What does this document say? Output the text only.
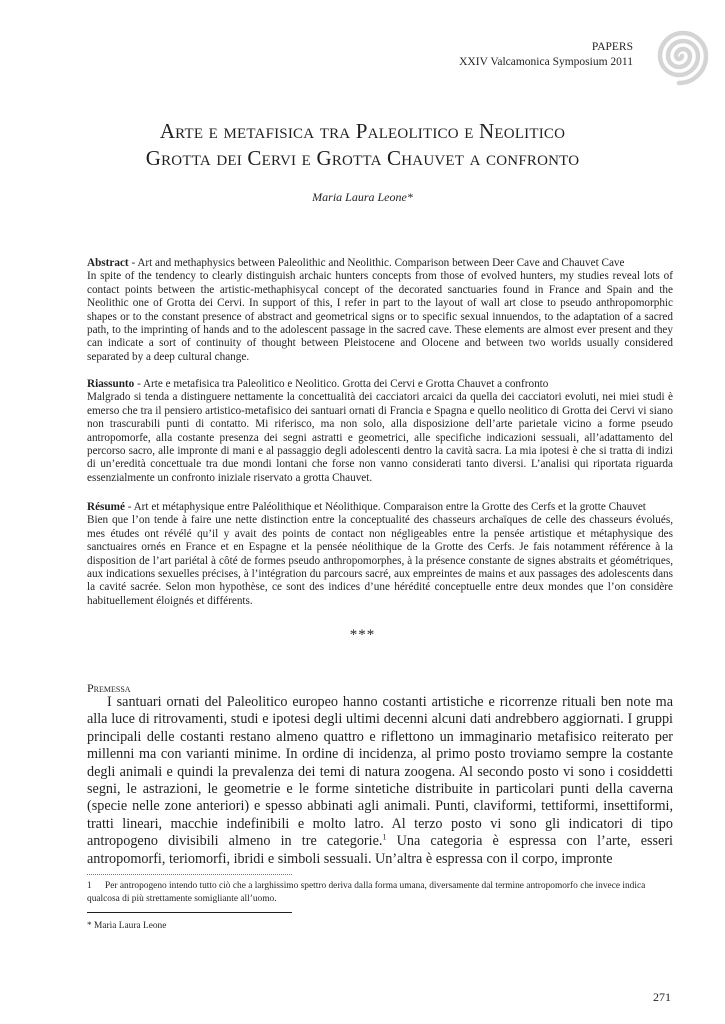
PAPERS
XXIV Valcamonica Symposium 2011
Arte e metafisica tra Paleolitico e Neolitico
Grotta dei Cervi e Grotta Chauvet a confronto
Maria Laura Leone*
Abstract - Art and methaphysics between Paleolithic and Neolithic. Comparison between Deer Cave and Chauvet Cave
In spite of the tendency to clearly distinguish archaic hunters concepts from those of evolved hunters, my studies reveal lots of contact points between the artistic-methaphisycal concept of the decorated sanctuaries found in France and Spain and the Neolithic one of Grotta dei Cervi. In support of this, I refer in part to the layout of wall art close to pseudo anthropomorphic shapes or to the constant presence of abstract and geometrical signs or to specific sexual innuendos, to the adaptation of a sacred path, to the imprinting of hands and to the adolescent passage in the sacred cave. These elements are almost ever present and they can indicate a sort of continuity of thought between Pleistocene and Olocene and between two worlds usually considered separated by a deep cultural change.
Riassunto - Arte e metafisica tra Paleolitico e Neolitico. Grotta dei Cervi e Grotta Chauvet a confronto
Malgrado si tenda a distinguere nettamente la concettualità dei cacciatori arcaici da quella dei cacciatori evoluti, nei miei studi è emerso che tra il pensiero artistico-metafisico dei santuari ornati di Francia e Spagna e quello neolitico di Grotta dei Cervi vi siano non trascurabili punti di contatto. Mi riferisco, ma non solo, alla disposizione dell’arte parietale vicino a forme pseudo antropomorfe, alla costante presenza dei segni astratti e geometrici, alle specifiche indicazioni sessuali, all’adattamento del percorso sacro, alle impronte di mani e al passaggio degli adolescenti dentro la cavità sacra. La mia ipotesi è che si tratta di indizi di un’eredità concettuale tra due mondi lontani che forse non vanno considerati tanto diversi. L’analisi qui riportata riguarda essenzialmente un confronto iniziale riservato a grotta Chauvet.
Résumé - Art et métaphysique entre Paléolithique et Néolithique. Comparaison entre la Grotte des Cerfs et la grotte Chauvet
Bien que l’on tende à faire une nette distinction entre la conceptualité des chasseurs archaïques de celle des chasseurs évolués, mes études ont révélé qu’il y avait des points de contact non négligeables entre la pensée artistique et métaphysique des sanctuaires ornés en France et en Espagne et la pensée néolithique de la Grotte des Cerfs. Je fais notamment référence à la disposition de l’art pariétal à côté de formes pseudo anthropomorphes, à la présence constante de signes abstraits et géométriques, aux indications sexuelles précises, à l’intégration du parcours sacré, aux empreintes de mains et aux passages des adolescents dans la cavité sacrée. Selon mon hypothèse, ce sont des indices d’une hérédité conceptuelle entre deux mondes que l’on considère habituellement éloignés et différents.
***
Premessa

I santuari ornati del Paleolitico europeo hanno costanti artistiche e ricorrenze rituali ben note ma alla luce di ritrovamenti, studi e ipotesi degli ultimi decenni alcuni dati andrebbero aggiornati. I gruppi principali delle costanti restano almeno quattro e riflettono un immaginario metafisico reiterato per millenni ma con varianti minime. In ordine di incidenza, al primo posto troviamo sempre la costante degli animali e quindi la prevalenza dei temi di natura zoogena. Al secondo posto vi sono i cosiddetti segni, le astrazioni, le geometrie e le forme sintetiche distribuite in particolari punti della caverna (specie nelle zone anteriori) e spesso abbinati agli animali. Punti, claviformi, tettiformi, insettiformi, tratti lineari, macchie indefinibili e molto latro. Al terzo posto vi sono gli indicatori di tipo antropogeno divisibili almeno in tre categorie.$^1$ Una categoria è espressa con l’arte, esseri antropomorfi, teriomorfi, ibridi e simboli sessuali. Un’altra è espressa con il corpo, impronte

1 Per antropogeno intendo tutto ciò che a larghissimo spettro deriva dalla forma umana, diversamente dal termine antropomorfo che invece indica qualcosa di più strettamente somigliante all’uomo.
* Maria Laura Leone
271
